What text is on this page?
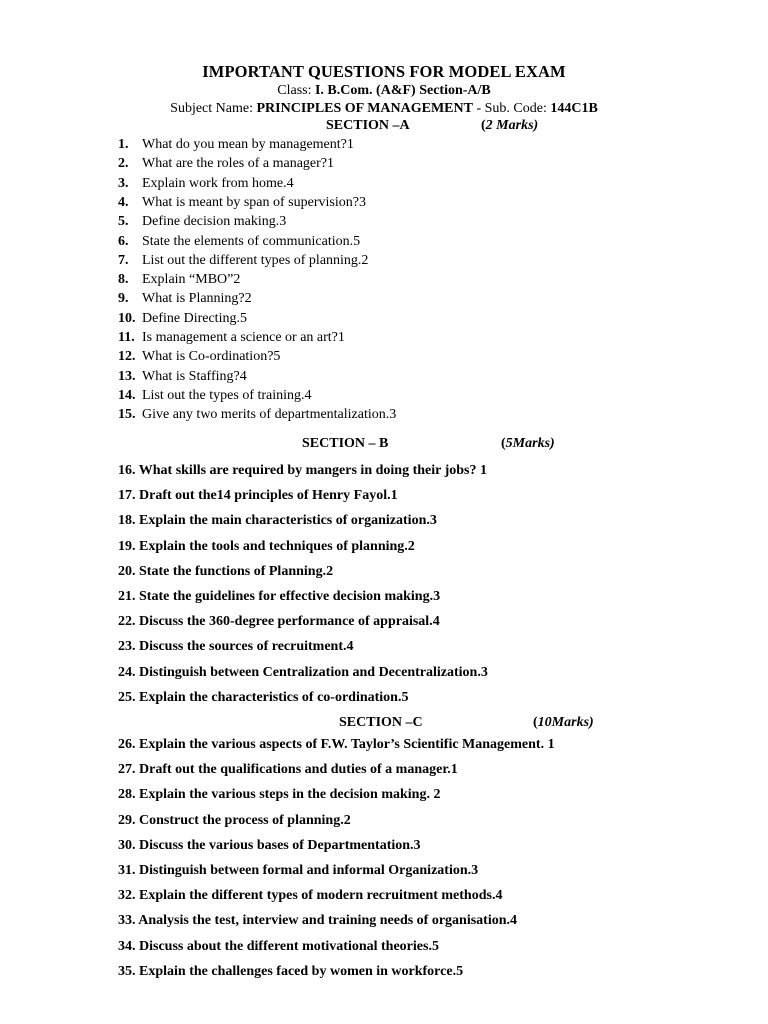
IMPORTANT QUESTIONS FOR MODEL EXAM
Class: I. B.Com. (A&F) Section-A/B
Subject Name: PRINCIPLES OF MANAGEMENT - Sub. Code: 144C1B
SECTION –A	(2 Marks)
1. What do you mean by management?1
2. What are the roles of a manager?1
3. Explain work from home.4
4. What is meant by span of supervision?3
5. Define decision making.3
6. State the elements of communication.5
7. List out the different types of planning.2
8. Explain “MBO”2
9. What is Planning?2
10. Define Directing.5
11. Is management a science or an art?1
12. What is Co-ordination?5
13. What is Staffing?4
14. List out the types of training.4
15. Give any two merits of departmentalization.3
SECTION – B	(5Marks)
16. What skills are required by mangers in doing their jobs? 1
17. Draft out the14 principles of Henry Fayol.1
18. Explain the main characteristics of organization.3
19. Explain the tools and techniques of planning.2
20. State the functions of Planning.2
21. State the guidelines for effective decision making.3
22. Discuss the 360-degree performance of appraisal.4
23. Discuss the sources of recruitment.4
24. Distinguish between Centralization and Decentralization.3
25. Explain the characteristics of co-ordination.5
SECTION –C	(10Marks)
26. Explain the various aspects of F.W. Taylor’s Scientific Management. 1
27. Draft out the qualifications and duties of a manager.1
28. Explain the various steps in the decision making. 2
29. Construct the process of planning.2
30. Discuss the various bases of Departmentation.3
31. Distinguish between formal and informal Organization.3
32. Explain the different types of modern recruitment methods.4
33. Analysis the test, interview and training needs of organisation.4
34. Discuss about the different motivational theories.5
35. Explain the challenges faced by women in workforce.5
